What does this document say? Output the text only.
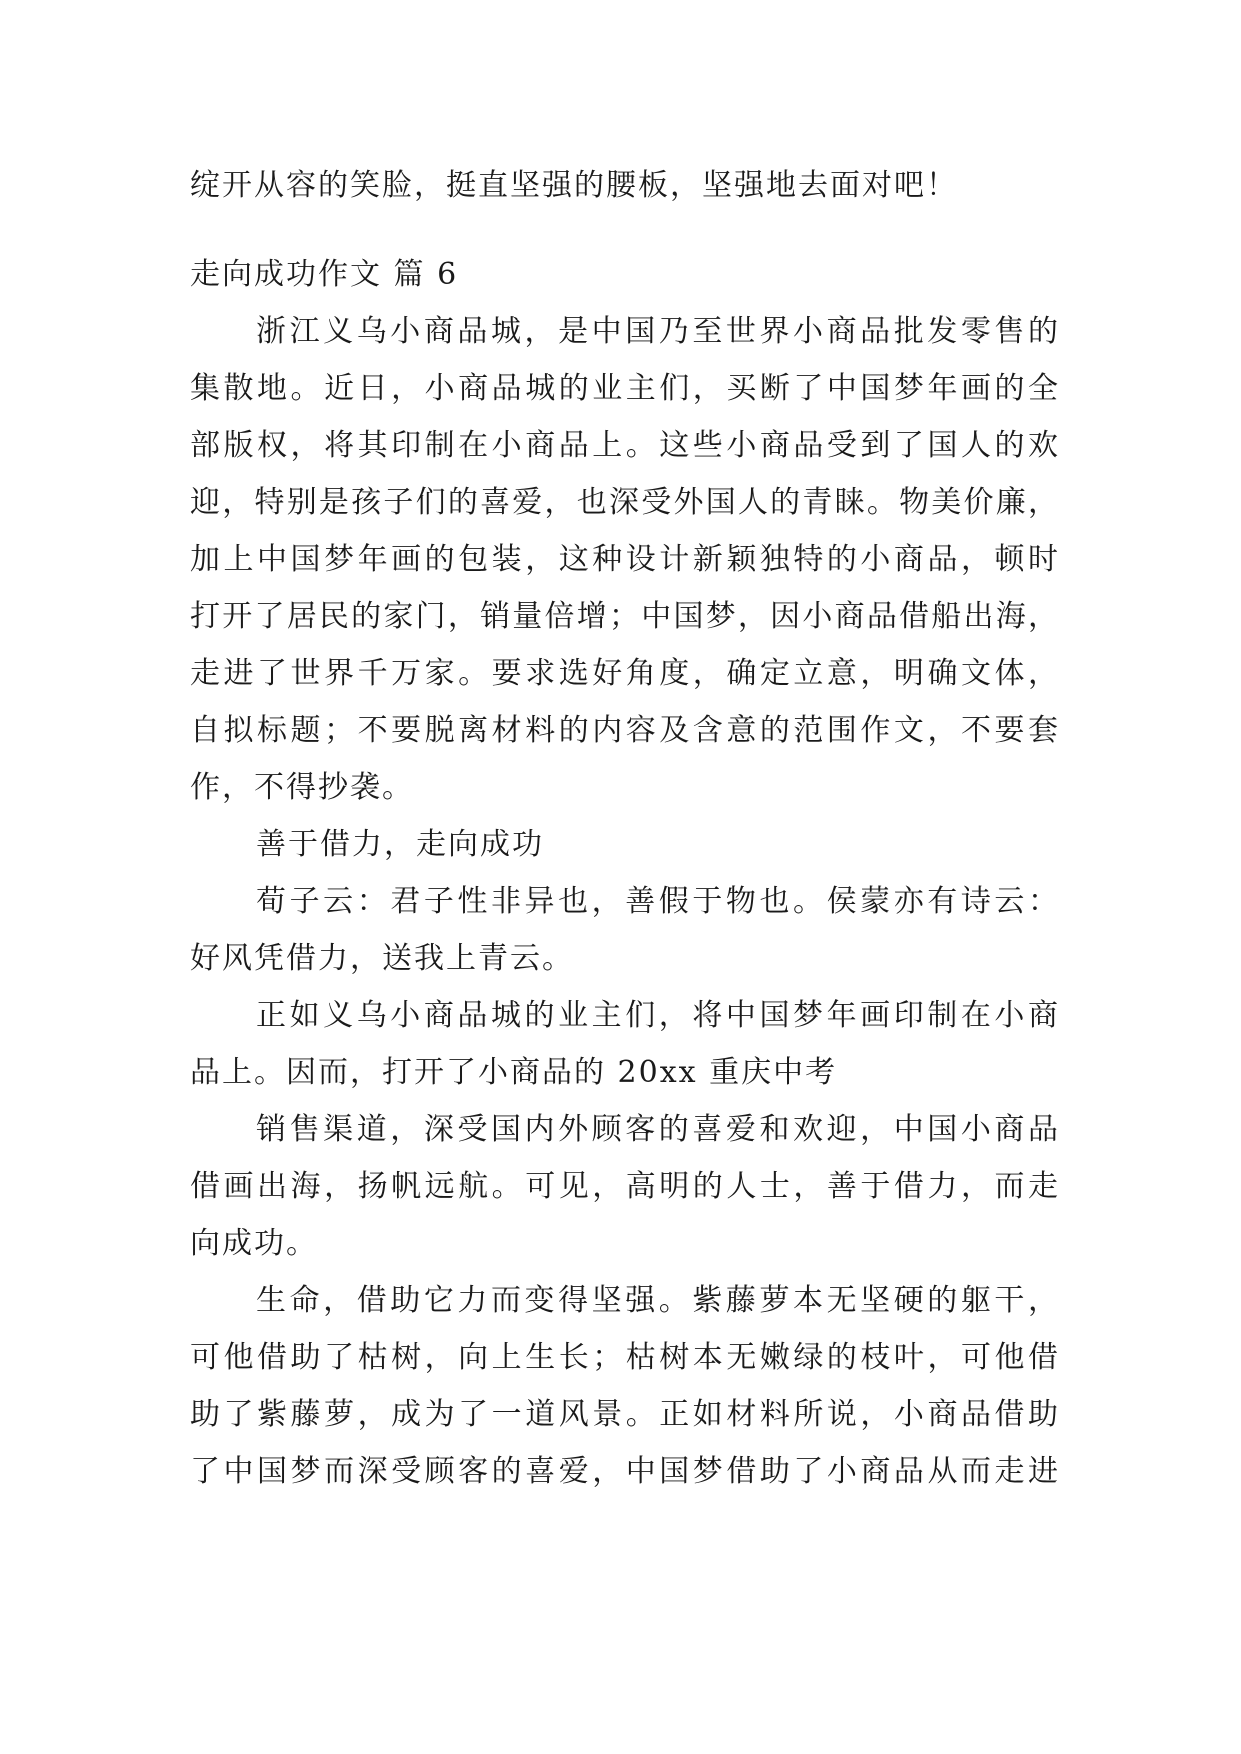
绽开从容的笑脸，挺直坚强的腰板，坚强地去面对吧！
走向成功作文 篇 6
浙江义乌小商品城，是中国乃至世界小商品批发零售的
集散地。近日，小商品城的业主们，买断了中国梦年画的全
部版权，将其印制在小商品上。这些小商品受到了国人的欢
迎，特别是孩子们的喜爱，也深受外国人的青睐。物美价廉，
加上中国梦年画的包装，这种设计新颖独特的小商品，顿时
打开了居民的家门，销量倍增；中国梦，因小商品借船出海，
走进了世界千万家。要求选好角度，确定立意，明确文体，
自拟标题；不要脱离材料的内容及含意的范围作文，不要套
作，不得抄袭。
善于借力，走向成功
荀子云：君子性非异也，善假于物也。侯蒙亦有诗云：
好风凭借力，送我上青云。
正如义乌小商品城的业主们，将中国梦年画印制在小商
品上。因而，打开了小商品的 20xx 重庆中考
销售渠道，深受国内外顾客的喜爱和欢迎，中国小商品
借画出海，扬帆远航。可见，高明的人士，善于借力，而走
向成功。
生命，借助它力而变得坚强。紫藤萝本无坚硬的躯干，
可他借助了枯树，向上生长；枯树本无嫩绿的枝叶，可他借
助了紫藤萝，成为了一道风景。正如材料所说，小商品借助
了中国梦而深受顾客的喜爱，中国梦借助了小商品从而走进
